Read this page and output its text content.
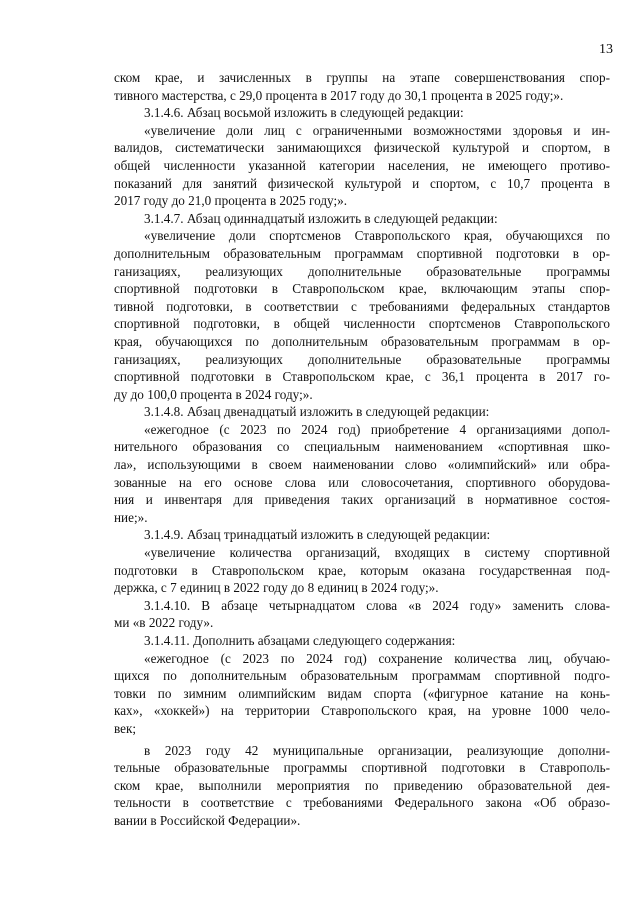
13
ском крае, и зачисленных в группы на этапе совершенствования спор-
тивного мастерства, с 29,0 процента в 2017 году до 30,1 процента в 2025 году;».
3.1.4.6. Абзац восьмой изложить в следующей редакции:
«увеличение доли лиц с ограниченными возможностями здоровья и ин-
валидов, систематически занимающихся физической культурой и спортом, в
общей численности указанной категории населения, не имеющего противо-
показаний для занятий физической культурой и спортом, с 10,7 процента в
2017 году до 21,0 процента в 2025 году;».
3.1.4.7. Абзац одиннадцатый изложить в следующей редакции:
«увеличение доли спортсменов Ставропольского края, обучающихся по
дополнительным образовательным программам спортивной подготовки в ор-
ганизациях, реализующих дополнительные образовательные программы
спортивной подготовки в Ставропольском крае, включающим этапы спор-
тивной подготовки, в соответствии с требованиями федеральных стандартов
спортивной подготовки, в общей численности спортсменов Ставропольского
края, обучающихся по дополнительным образовательным программам в ор-
ганизациях, реализующих дополнительные образовательные программы
спортивной подготовки в Ставропольском крае, с 36,1 процента в 2017 го-
ду до 100,0 процента в 2024 году;».
3.1.4.8. Абзац двенадцатый изложить в следующей редакции:
«ежегодное (с 2023 по 2024 год) приобретение 4 организациями допол-
нительного образования со специальным наименованием «спортивная шко-
ла», использующими в своем наименовании слово «олимпийский» или обра-
зованные на его основе слова или словосочетания, спортивного оборудова-
ния и инвентаря для приведения таких организаций в нормативное состоя-
ние;».
3.1.4.9. Абзац тринадцатый изложить в следующей редакции:
«увеличение количества организаций, входящих в систему спортивной
подготовки в Ставропольском крае, которым оказана государственная под-
держка, с 7 единиц в 2022 году до 8 единиц в 2024 году;».
3.1.4.10. В абзаце четырнадцатом слова «в 2024 году» заменить слова-
ми «в 2022 году».
3.1.4.11. Дополнить абзацами следующего содержания:
«ежегодное (с 2023 по 2024 год) сохранение количества лиц, обучаю-
щихся по дополнительным образовательным программам спортивной подго-
товки по зимним олимпийским видам спорта («фигурное катание на конь-
ках», «хоккей») на территории Ставропольского края, на уровне 1000 чело-
век;
в 2023 году 42 муниципальные организации, реализующие дополни-
тельные образовательные программы спортивной подготовки в Ставрополь-
ском крае, выполнили мероприятия по приведению образовательной дея-
тельности в соответствие с требованиями Федерального закона «Об образо-
вании в Российской Федерации».
